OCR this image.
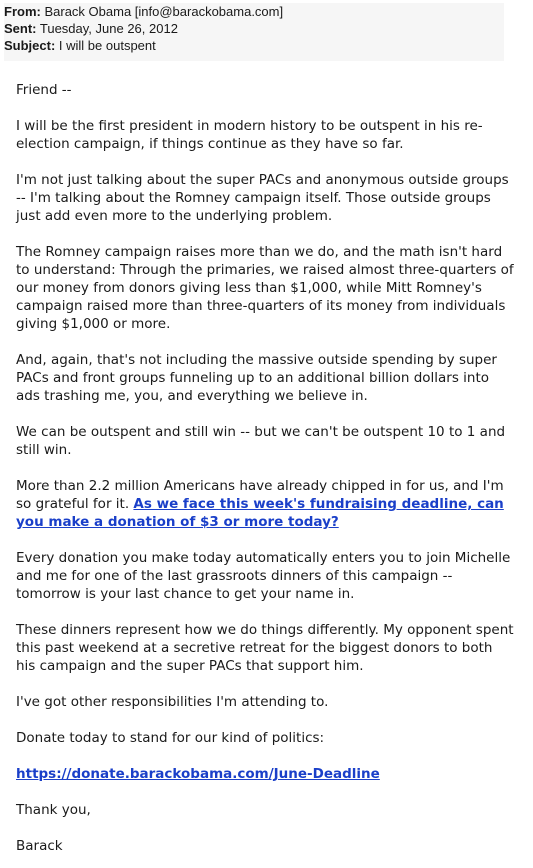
From: Barack Obama [info@barackobama.com]
Sent: Tuesday, June 26, 2012
Subject: I will be outspent

Friend --

I will be the first president in modern history to be outspent in his re-election campaign, if things continue as they have so far.

I'm not just talking about the super PACs and anonymous outside groups -- I'm talking about the Romney campaign itself. Those outside groups just add even more to the underlying problem.

The Romney campaign raises more than we do, and the math isn't hard to understand: Through the primaries, we raised almost three-quarters of our money from donors giving less than $1,000, while Mitt Romney's campaign raised more than three-quarters of its money from individuals giving $1,000 or more.

And, again, that's not including the massive outside spending by super PACs and front groups funneling up to an additional billion dollars into ads trashing me, you, and everything we believe in.

We can be outspent and still win -- but we can't be outspent 10 to 1 and still win.

More than 2.2 million Americans have already chipped in for us, and I'm so grateful for it. As we face this week's fundraising deadline, can you make a donation of $3 or more today?

Every donation you make today automatically enters you to join Michelle and me for one of the last grassroots dinners of this campaign -- tomorrow is your last chance to get your name in.

These dinners represent how we do things differently. My opponent spent this past weekend at a secretive retreat for the biggest donors to both his campaign and the super PACs that support him.

I've got other responsibilities I'm attending to.

Donate today to stand for our kind of politics:

https://donate.barackobama.com/June-Deadline

Thank you,

Barack
